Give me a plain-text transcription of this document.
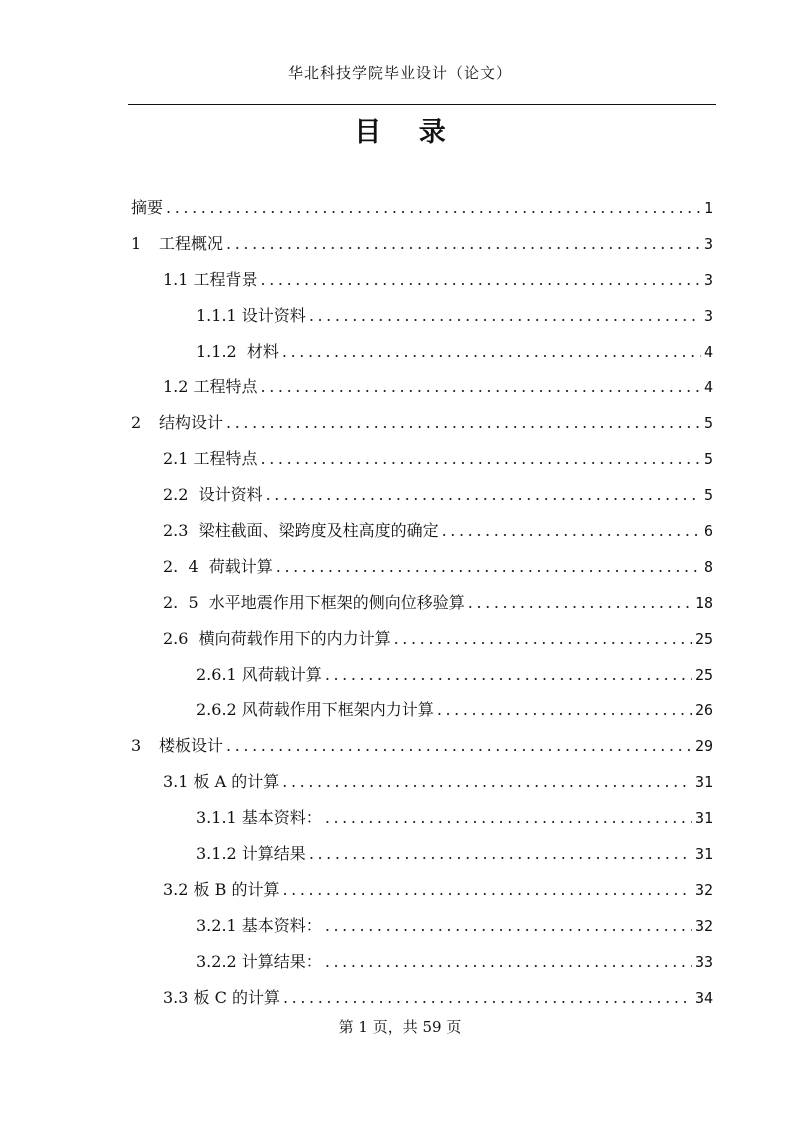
华北科技学院毕业设计（论文）
目 录
摘要 .....	1
1 工程概况 .....	3
1.1 工程背景 .....	3
1.1.1 设计资料 .....	3
1.1.2  材料 .....	4
1.2 工程特点 .....	4
2 结构设计 .....	5
2.1 工程特点 .....	5
2.2  设计资料 .....	5
2.3  梁柱截面、梁跨度及柱高度的确定 .....	6
2.  4  荷载计算 .....	8
2.  5  水平地震作用下框架的侧向位移验算 .....	18
2.6  横向荷载作用下的内力计算 .....	25
2.6.1 风荷载计算 .....	25
2.6.2 风荷载作用下框架内力计算 .....	26
3 楼板设计 .....	29
3.1 板 A 的计算 .....	31
3.1.1 基本资料： .....	31
3.1.2 计算结果 .....	31
3.2 板 B 的计算 .....	32
3.2.1 基本资料： .....	32
3.2.2 计算结果： .....	33
3.3 板 C 的计算 .....	34
第 1 页，共 59 页
